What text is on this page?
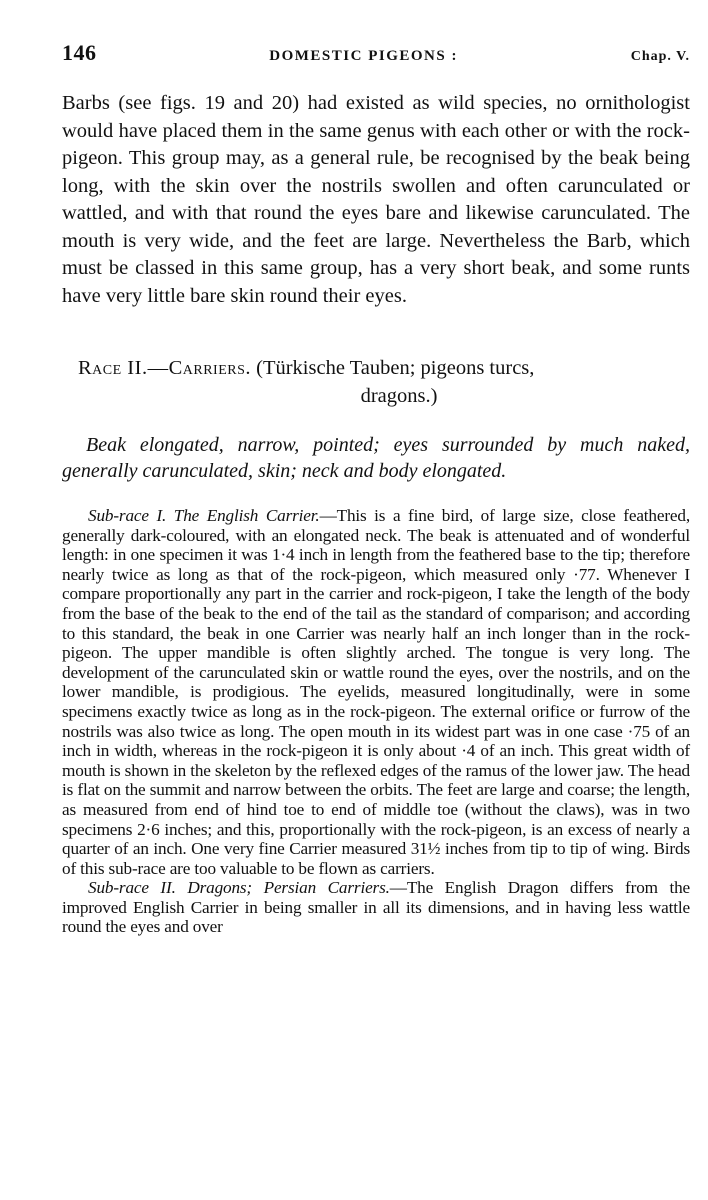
146	DOMESTIC PIGEONS :	Chap. V.

Barbs (see figs. 19 and 20) had existed as wild species, no ornithologist would have placed them in the same genus with each other or with the rock-pigeon. This group may, as a general rule, be recognised by the beak being long, with the skin over the nostrils swollen and often carunculated or wattled, and with that round the eyes bare and likewise carunculated. The mouth is very wide, and the feet are large. Nevertheless the Barb, which must be classed in this same group, has a very short beak, and some runts have very little bare skin round their eyes.

Race II.—Carriers. (Türkische Tauben; pigeons turcs,
dragons.)

Beak elongated, narrow, pointed; eyes surrounded by much naked, generally carunculated, skin; neck and body elongated.

Sub-race I. The English Carrier.—This is a fine bird, of large size, close feathered, generally dark-coloured, with an elongated neck. The beak is attenuated and of wonderful length: in one specimen it was 1·4 inch in length from the feathered base to the tip; therefore nearly twice as long as that of the rock-pigeon, which measured only ·77. Whenever I compare proportionally any part in the carrier and rock-pigeon, I take the length of the body from the base of the beak to the end of the tail as the standard of comparison; and according to this standard, the beak in one Carrier was nearly half an inch longer than in the rock-pigeon. The upper mandible is often slightly arched. The tongue is very long. The development of the carunculated skin or wattle round the eyes, over the nostrils, and on the lower mandible, is prodigious. The eyelids, measured longitudinally, were in some specimens exactly twice as long as in the rock-pigeon. The external orifice or furrow of the nostrils was also twice as long. The open mouth in its widest part was in one case ·75 of an inch in width, whereas in the rock-pigeon it is only about ·4 of an inch. This great width of mouth is shown in the skeleton by the reflexed edges of the ramus of the lower jaw. The head is flat on the summit and narrow between the orbits. The feet are large and coarse; the length, as measured from end of hind toe to end of middle toe (without the claws), was in two specimens 2·6 inches; and this, proportionally with the rock-pigeon, is an excess of nearly a quarter of an inch. One very fine Carrier measured 31½ inches from tip to tip of wing. Birds of this sub-race are too valuable to be flown as carriers.

Sub-race II. Dragons; Persian Carriers.—The English Dragon differs from the improved English Carrier in being smaller in all its dimensions, and in having less wattle round the eyes and over
